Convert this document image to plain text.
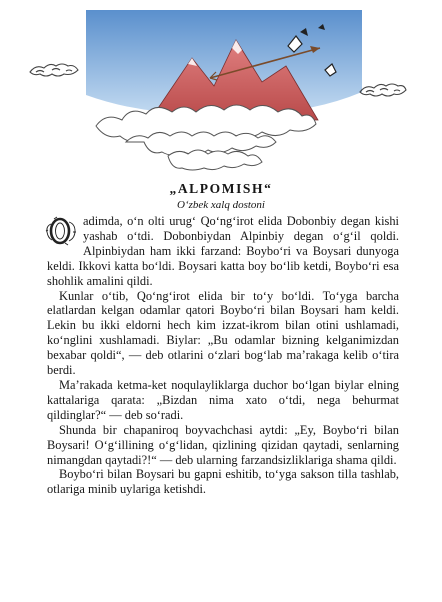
„ALPOMISH“
O‘zbek xalq dostoni

adimda, o‘n olti urug‘ Qo‘ng‘irot elida Dobonbiy degan kishi yashab o‘tdi. Dobonbiydan Alpinbiy degan o‘g‘il qoldi. Alpinbiydan ham ikki farzand: Boybo‘ri va Boysari dunyoga keldi. Ikkovi katta bo‘ldi. Boysari katta boy bo‘lib ketdi, Boybo‘ri esa shohlik amalini qildi.

Kunlar o‘tib, Qo‘ng‘irot elida bir to‘y bo‘ldi. To‘yga barcha elatlardan kelgan odamlar qatori Boybo‘ri bilan Boysari ham keldi. Lekin bu ikki eldorni hech kim izzat-ikrom bilan otini ushlamadi, ko‘nglini xushlamadi. Biylar: „Bu odamlar bizning kelganimizdan bexabar qoldi“, — deb otlarini o‘zlari bog‘lab ma’rakaga kelib o‘tira berdi.

Ma’rakada ketma-ket noqulayliklarga duchor bo‘lgan biylar elning kattalariga qarata: „Bizdan nima xato o‘tdi, nega behurmat qildinglar?“ — deb so‘radi.

Shunda bir chapaniroq boyvachchasi aytdi: „Ey, Boybo‘ri bilan Boysari! O‘g‘illining o‘g‘lidan, qizlining qizidan qaytadi, senlarning nimangdan qaytadi?!“ — deb ularning farzandsizliklariga shama qildi.

Boybo‘ri bilan Boysari bu gapni eshitib, to‘yga sakson tilla tashlab, otlariga minib uylariga ketishdi.
